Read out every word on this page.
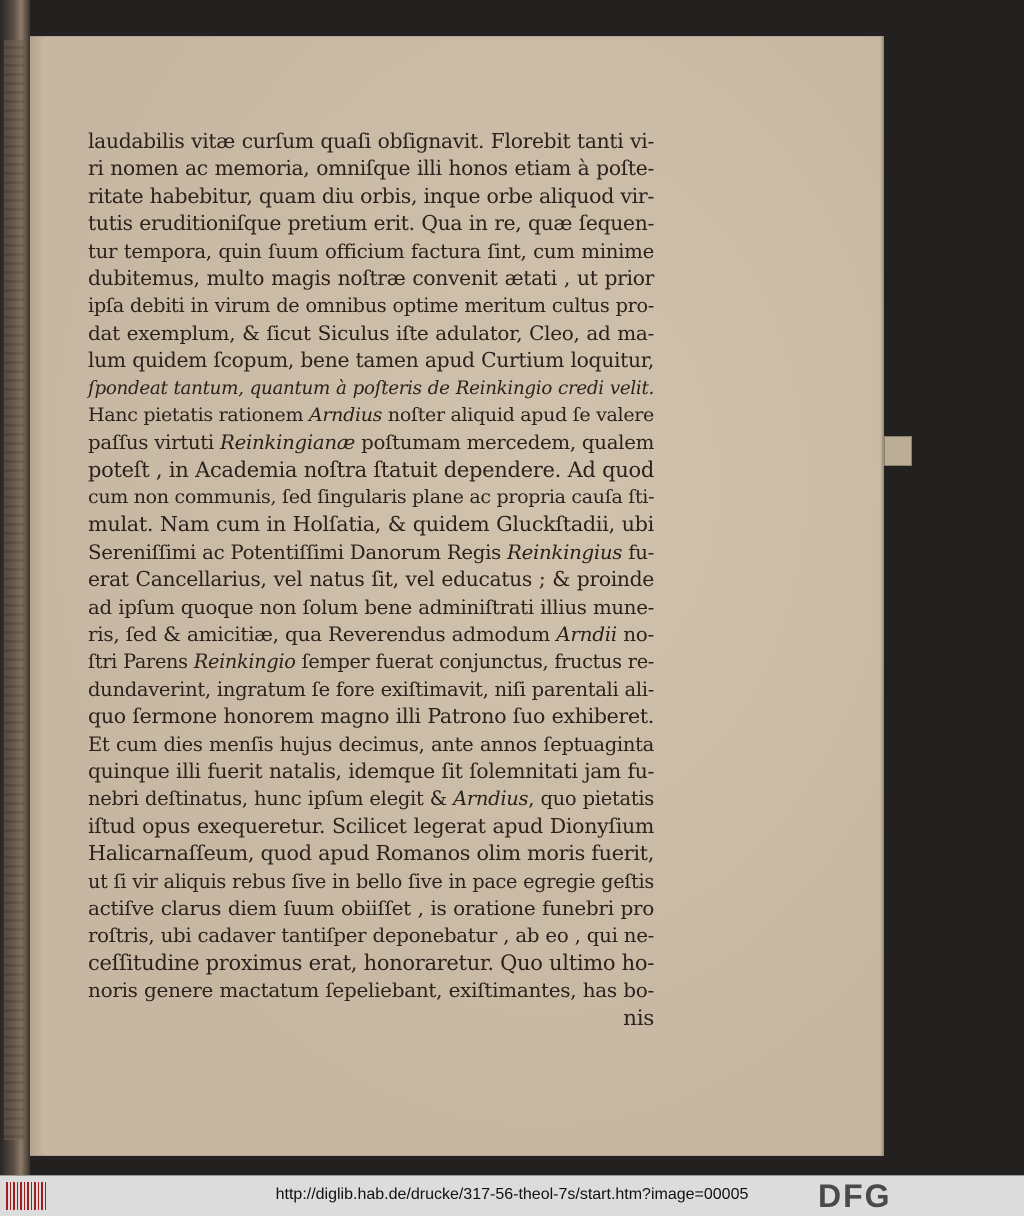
laudabilis vitæ curſum quaſi obſignavit. Florebit tanti vi-
ri nomen ac memoria, omniſque illi honos etiam à poſte-
ritate habebitur, quam diu orbis, inque orbe aliquod vir-
tutis eruditioniſque pretium erit. Qua in re, quæ ſequen-
tur tempora, quin ſuum officium factura ſint, cum minime
dubitemus, multo magis noſtræ convenit ætati , ut prior
ipſa debiti in virum de omnibus optime meritum cultus pro-
dat exemplum, & ſicut Siculus iſte adulator, Cleo, ad ma-
lum quidem ſcopum, bene tamen apud Curtium loquitur,
ſpondeat tantum, quantum à poſteris de Reinkingio credi velit.
Hanc pietatis rationem Arndius noſter aliquid apud ſe valere
paſſus virtuti Reinkingianæ poſtumam mercedem, qualem
poteſt , in Academia noſtra ſtatuit dependere. Ad quod
cum non communis, ſed ſingularis plane ac propria cauſa ſti-
mulat. Nam cum in Holſatia, & quidem Gluckſtadii, ubi
Sereniſſimi ac Potentiſſimi Danorum Regis Reinkingius fu-
erat Cancellarius, vel natus ſit, vel educatus ; & proinde
ad ipſum quoque non ſolum bene adminiſtrati illius mune-
ris, ſed & amicitiæ, qua Reverendus admodum Arndii no-
ſtri Parens Reinkingio ſemper fuerat conjunctus, fructus re-
dundaverint, ingratum ſe fore exiſtimavit, niſi parentali ali-
quo ſermone honorem magno illi Patrono ſuo exhiberet.
Et cum dies menſis hujus decimus, ante annos ſeptuaginta
quinque illi fuerit natalis, idemque ſit ſolemnitati jam fu-
nebri deſtinatus, hunc ipſum elegit & Arndius, quo pietatis
iſtud opus exequeretur. Scilicet legerat apud Dionyſium
Halicarnaſſeum, quod apud Romanos olim moris fuerit,
ut ſi vir aliquis rebus ſive in bello ſive in pace egregie geſtis
actiſve clarus diem ſuum obiiſſet , is oratione funebri pro
roſtris, ubi cadaver tantiſper deponebatur , ab eo , qui ne-
ceſſitudine proximus erat, honoraretur. Quo ultimo ho-
noris genere mactatum ſepeliebant, exiſtimantes, has bo-
nis
http://diglib.hab.de/drucke/317-56-theol-7s/start.htm?image=00005	DFG
